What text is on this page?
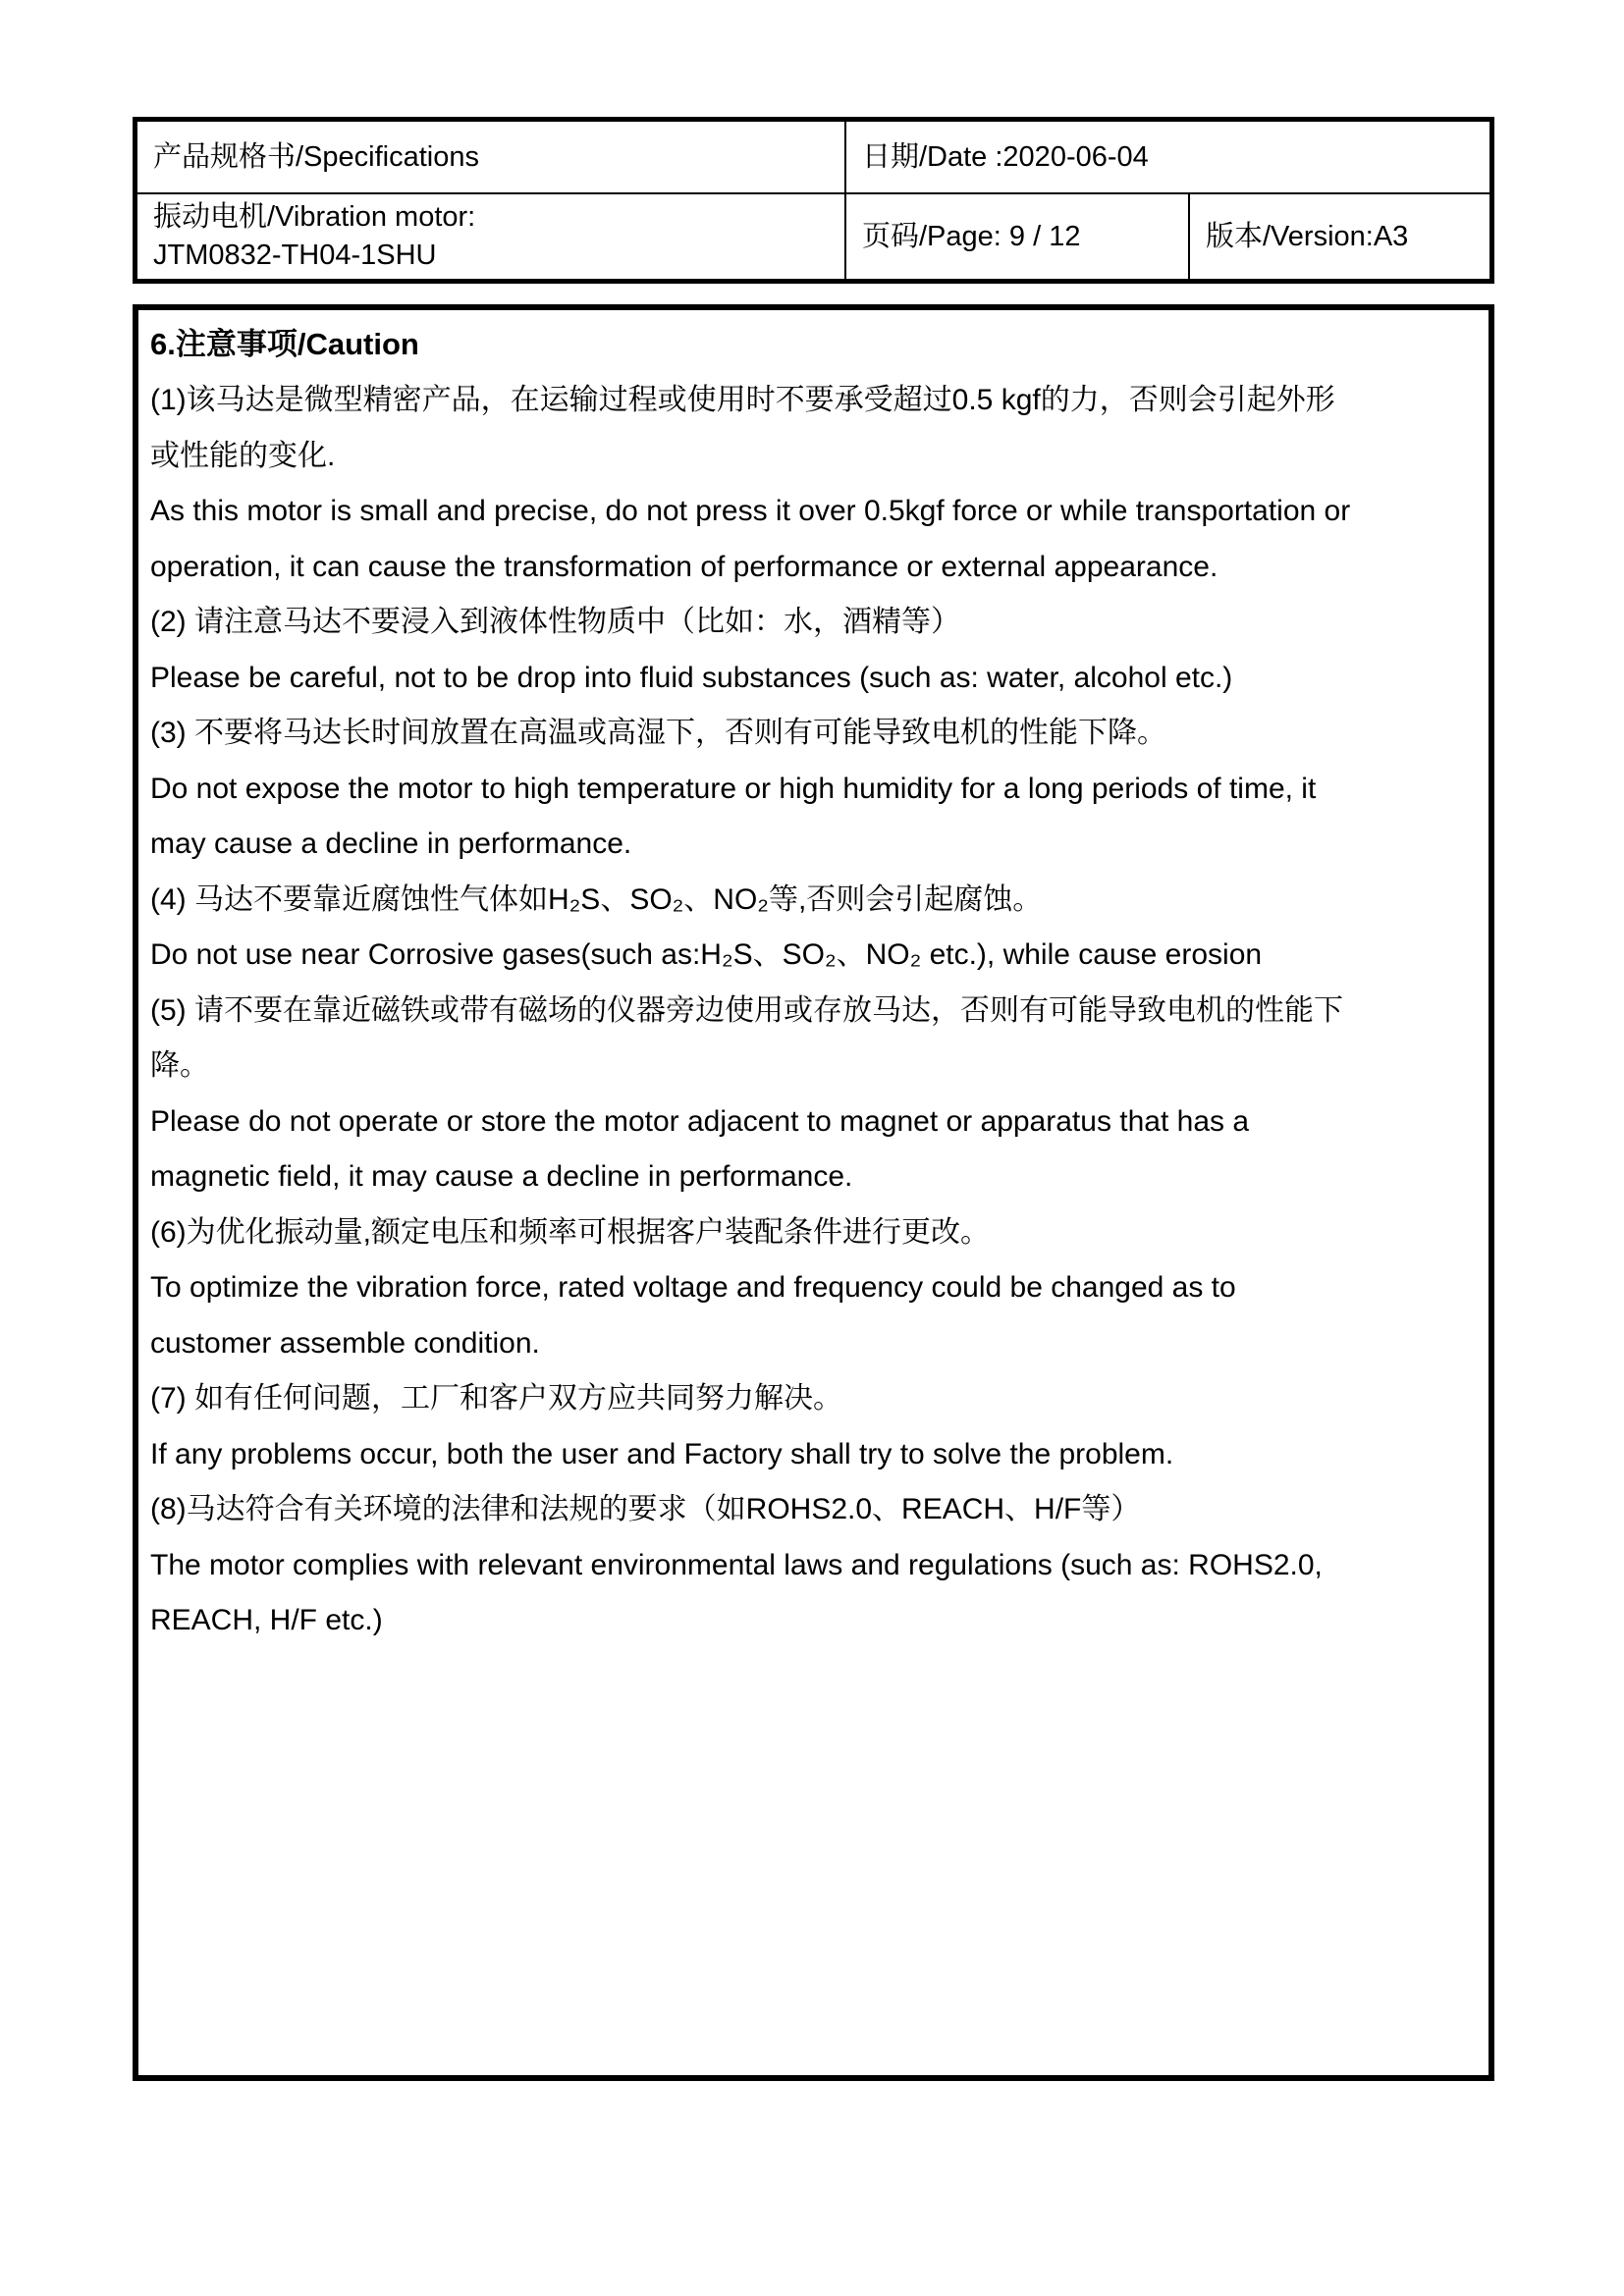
产品规格书/Specifications	日期/Date :2020-06-04
振动电机/Vibration motor:
JTM0832-TH04-1SHU
页码/Page: 9 / 12	版本/Version:A3
6.注意事项/Caution
(1)该马达是微型精密产品，在运输过程或使用时不要承受超过0.5 kgf的力，否则会引起外形
或性能的变化.
As this motor is small and precise, do not press it over 0.5kgf force or while transportation or
operation, it can cause the transformation of performance or external appearance.
(2) 请注意马达不要浸入到液体性物质中（比如：水，酒精等）
Please be careful, not to be drop into fluid substances (such as: water, alcohol etc.)
(3) 不要将马达长时间放置在高温或高湿下，否则有可能导致电机的性能下降。
Do not expose the motor to high temperature or high humidity for a long periods of time, it
may cause a decline in performance.
(4) 马达不要靠近腐蚀性气体如H₂S、SO₂、NO₂等,否则会引起腐蚀。
Do not use near Corrosive gases(such as:H₂S、SO₂、NO₂ etc.), while cause erosion
(5) 请不要在靠近磁铁或带有磁场的仪器旁边使用或存放马达，否则有可能导致电机的性能下
降。
Please do not operate or store the motor adjacent to magnet or apparatus that has a
magnetic field, it may cause a decline in performance.
(6)为优化振动量,额定电压和频率可根据客户装配条件进行更改。
To optimize the vibration force, rated voltage and frequency could be changed as to
customer assemble condition.
(7) 如有任何问题，工厂和客户双方应共同努力解决。
If any problems occur, both the user and Factory shall try to solve the problem.
(8)马达符合有关环境的法律和法规的要求（如ROHS2.0、REACH、H/F等）
The motor complies with relevant environmental laws and regulations (such as: ROHS2.0,
REACH, H/F etc.)
